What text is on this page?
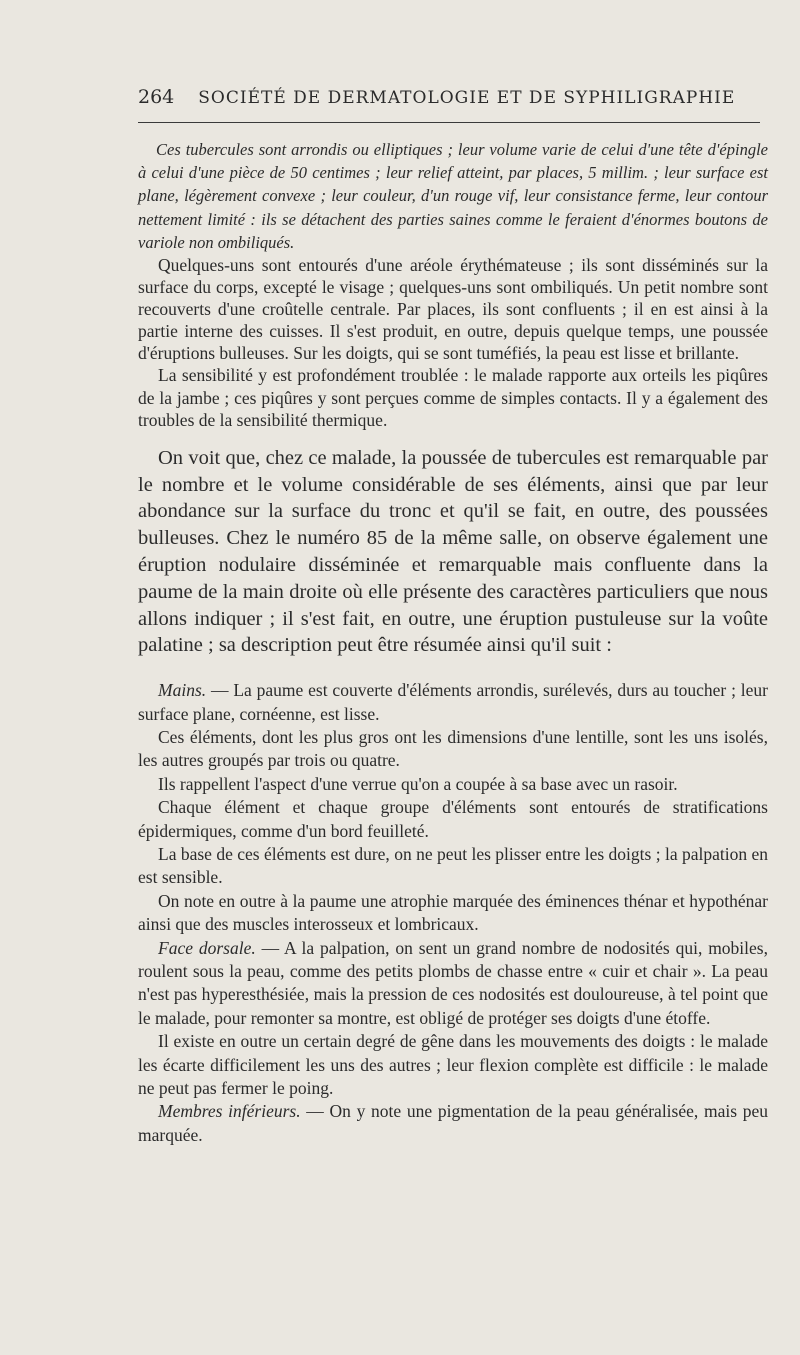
264 SOCIÉTÉ DE DERMATOLOGIE ET DE SYPHILIGRAPHIE

Ces tubercules sont arrondis ou elliptiques ; leur volume varie de celui d'une tête d'épingle à celui d'une pièce de 50 centimes ; leur relief atteint, par places, 5 millim. ; leur surface est plane, légèrement convexe ; leur couleur, d'un rouge vif, leur consistance ferme, leur contour nettement limité : ils se détachent des parties saines comme le feraient d'énormes boutons de variole non ombiliqués.

Quelques-uns sont entourés d'une aréole érythémateuse ; ils sont disséminés sur la surface du corps, excepté le visage ; quelques-uns sont ombiliqués. Un petit nombre sont recouverts d'une croûtelle centrale. Par places, ils sont confluents ; il en est ainsi à la partie interne des cuisses. Il s'est produit, en outre, depuis quelque temps, une poussée d'éruptions bulleuses. Sur les doigts, qui se sont tuméfiés, la peau est lisse et brillante.

La sensibilité y est profondément troublée : le malade rapporte aux orteils les piqûres de la jambe ; ces piqûres y sont perçues comme de simples contacts. Il y a également des troubles de la sensibilité thermique.

On voit que, chez ce malade, la poussée de tubercules est remarquable par le nombre et le volume considérable de ses éléments, ainsi que par leur abondance sur la surface du tronc et qu'il se fait, en outre, des poussées bulleuses. Chez le numéro 85 de la même salle, on observe également une éruption nodulaire disséminée et remarquable mais confluente dans la paume de la main droite où elle présente des caractères particuliers que nous allons indiquer ; il s'est fait, en outre, une éruption pustuleuse sur la voûte palatine ; sa description peut être résumée ainsi qu'il suit :

Mains. — La paume est couverte d'éléments arrondis, surélevés, durs au toucher ; leur surface plane, cornéenne, est lisse.

Ces éléments, dont les plus gros ont les dimensions d'une lentille, sont les uns isolés, les autres groupés par trois ou quatre.

Ils rappellent l'aspect d'une verrue qu'on a coupée à sa base avec un rasoir.

Chaque élément et chaque groupe d'éléments sont entourés de stratifications épidermiques, comme d'un bord feuilleté.

La base de ces éléments est dure, on ne peut les plisser entre les doigts ; la palpation en est sensible.

On note en outre à la paume une atrophie marquée des éminences thénar et hypothénar ainsi que des muscles interosseux et lombricaux.

Face dorsale. — A la palpation, on sent un grand nombre de nodosités qui, mobiles, roulent sous la peau, comme des petits plombs de chasse entre « cuir et chair ». La peau n'est pas hyperesthésiée, mais la pression de ces nodosités est douloureuse, à tel point que le malade, pour remonter sa montre, est obligé de protéger ses doigts d'une étoffe.

Il existe en outre un certain degré de gêne dans les mouvements des doigts : le malade les écarte difficilement les uns des autres ; leur flexion complète est difficile : le malade ne peut pas fermer le poing.

Membres inférieurs. — On y note une pigmentation de la peau généralisée, mais peu marquée.
